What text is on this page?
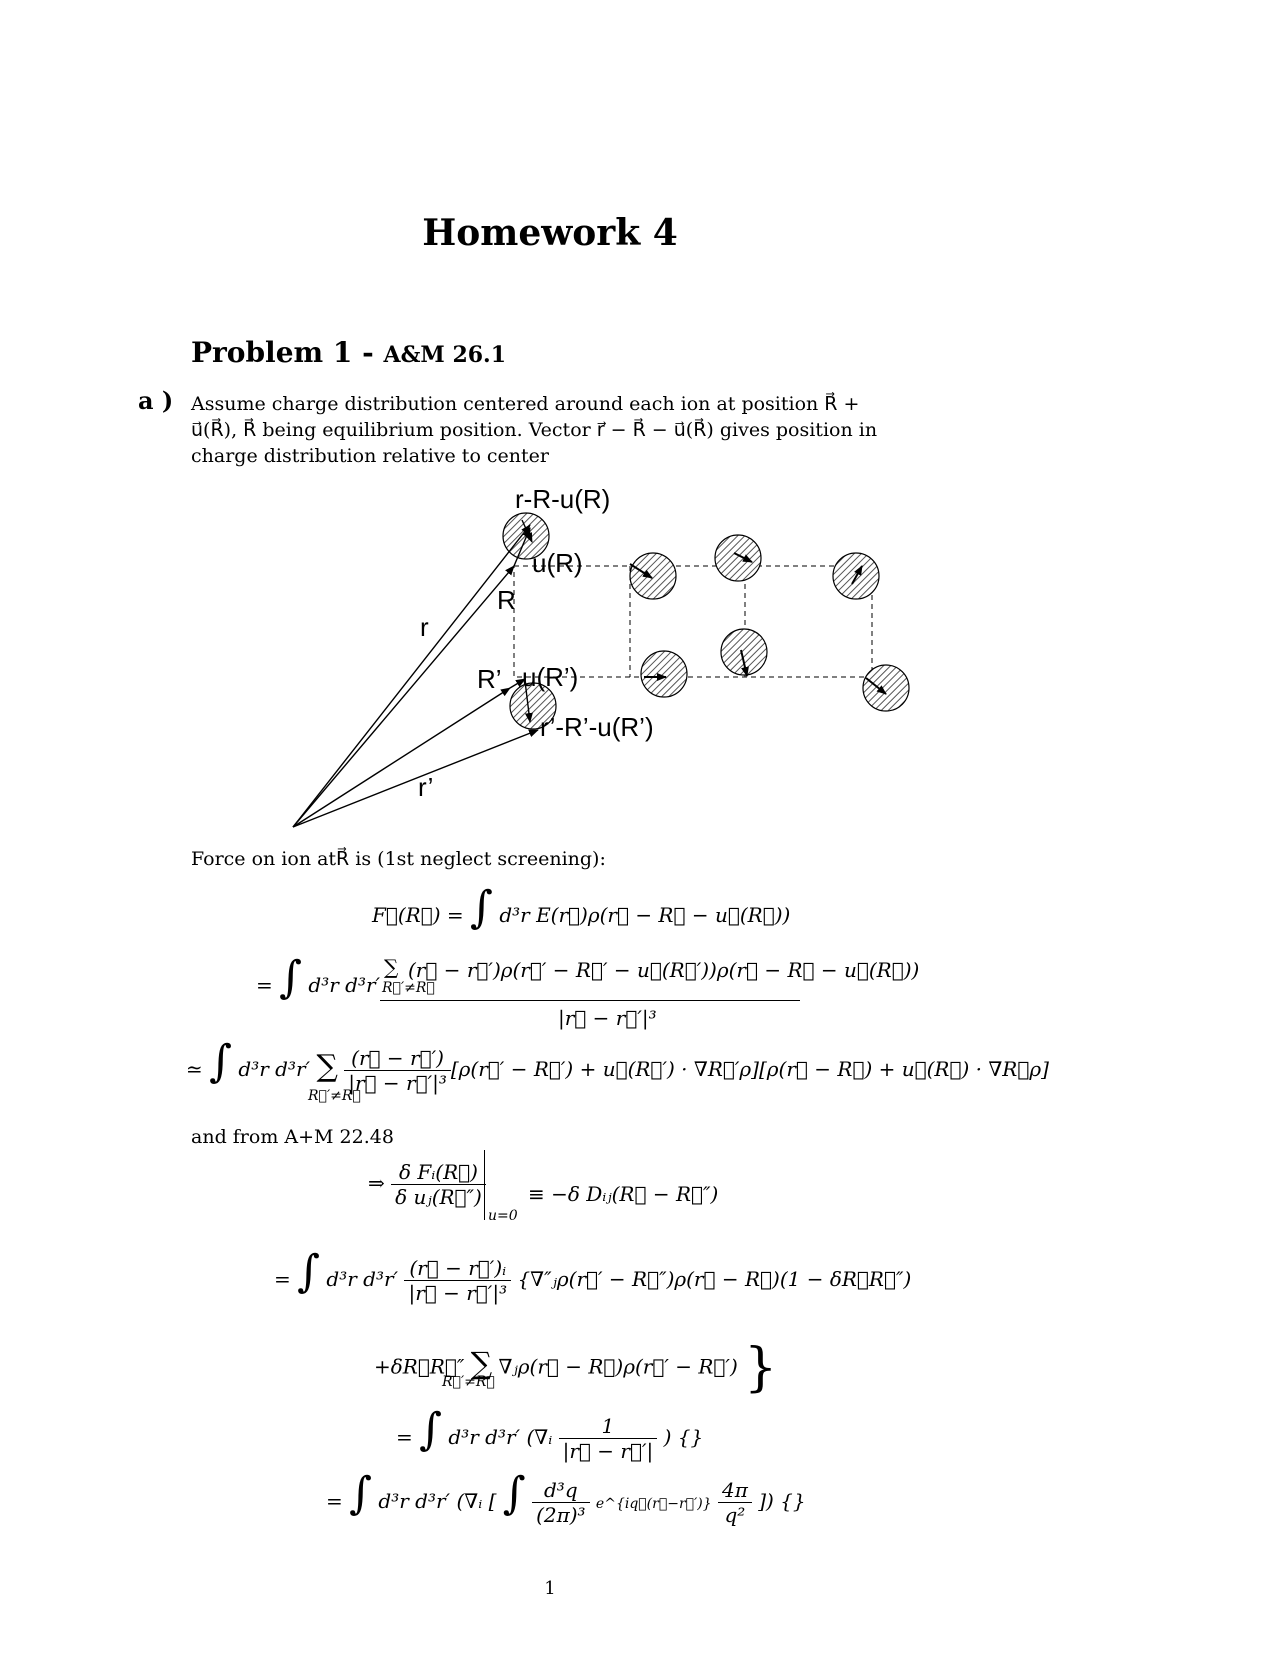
Homework 4
Problem 1 - A&M 26.1
a ) Assume charge distribution centered around each ion at position R⃗ + u⃗(R⃗), R⃗ being equilibrium position. Vector r⃗ − R⃗ − u⃗(R⃗) gives position in charge distribution relative to center
r-R-u(R)
u(R)
R
r
R’ u(R’)
r’-R’-u(R’)
r’
Force on ion atR⃗ is (1st neglect screening):
F⃗(R⃗) = ∫ d³r E(r⃗)ρ(r⃗ − R⃗ − u⃗(R⃗))
= ∫ d³r d³r′
∑
R⃗′≠R⃗
(r⃗ − r⃗′)ρ(r⃗′ − R⃗′ − u⃗(R⃗′))ρ(r⃗ − R⃗ − u⃗(R⃗))
|r⃗ − r⃗′|³
≃ ∫ d³r d³r′ ∑ $\frac{(r⃗ - r⃗')}{\text{|r⃗ − r⃗′|³}}$ [ρ(r⃗′ − R⃗′) + u⃗(R⃗′) · ∇R⃗′ρ][ρ(r⃗ − R⃗) + u⃗(R⃗) · ∇R⃗ρ]
R⃗′≠R⃗
and from A+M 22.48
⇒ $\frac{\text{δ Fᵢ(R⃗)}}{\text{δ uⱼ(R⃗″)}}$
u=0
≡ −δ Dᵢⱼ(R⃗ − R⃗″)
= ∫ d³r $d^3r' \frac{\text{(r⃗ − r⃗′)ᵢ}}{\text{|r⃗ − r⃗′|³}}$ {∇″ⱼρ(r⃗′ − R⃗″)ρ(r⃗ − R⃗)(1 − δR⃗R⃗″)
+δR⃗R⃗″ ∑ ∇ⱼρ(r⃗ − R⃗)ρ(r⃗′ − R⃗′) }
R⃗′≠R⃗
= ∫ d³r d³r′ (∇ᵢ $\frac{1}{|r⃗ - r⃗'|}$ ) {}
= ∫ d³r d³r′ (∇ᵢ [ ∫ $\frac{\text{d³q}}{\text{(2π)³}}$ e^{iq⃗(r⃗−r⃗′)} $\frac{4\pi}{\text{q²}}$ ]) {}
1
